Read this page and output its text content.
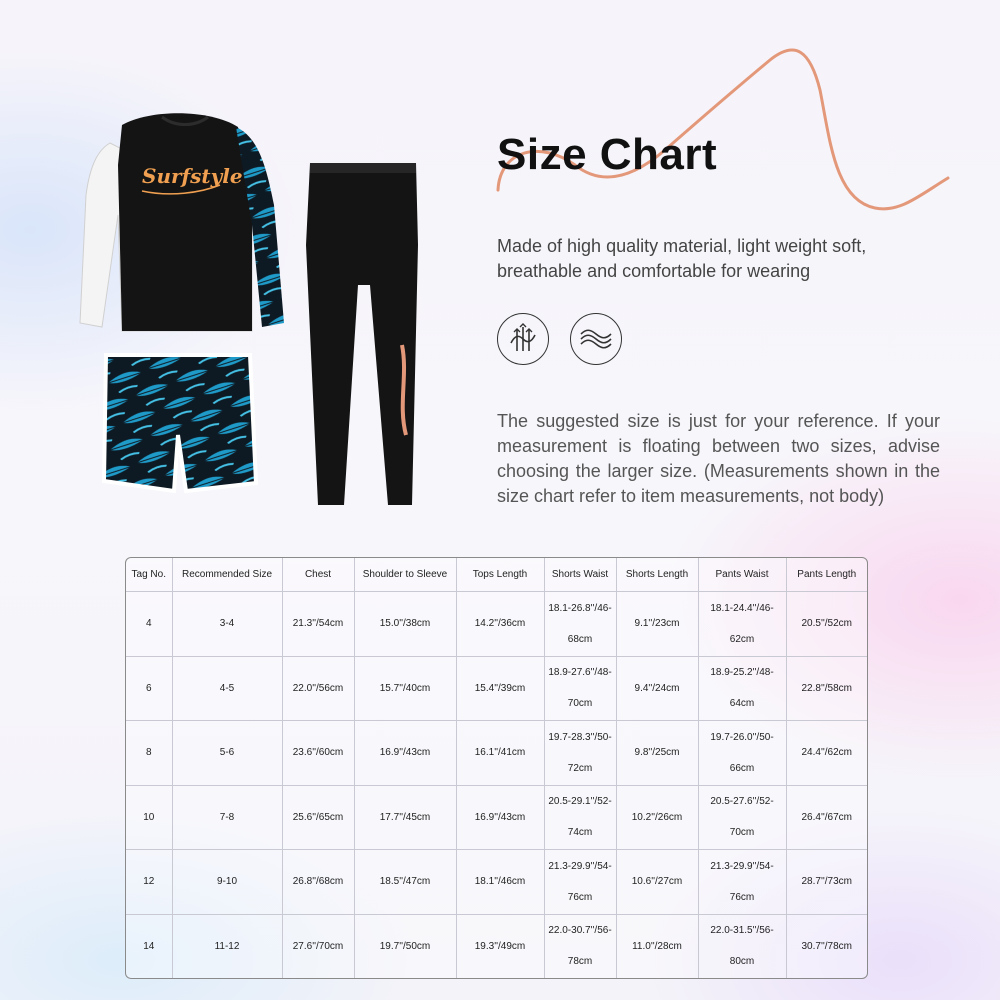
Size Chart
Made of high quality material, light weight soft, breathable and comfortable for wearing
The suggested size is just for your reference. If your measurement is floating between two sizes, advise choosing the larger size. (Measurements shown in the size chart refer to item measurements, not body)
Surfstyle
Tag No.	Recommended Size	Chest	Shoulder to Sleeve	Tops Length	Shorts Waist	Shorts Length	Pants Waist	Pants Length
4	3-4	21.3''/54cm	15.0''/38cm	14.2''/36cm	18.1-26.8''/46-68cm	9.1''/23cm	18.1-24.4''/46-62cm	20.5''/52cm
6	4-5	22.0''/56cm	15.7''/40cm	15.4''/39cm	18.9-27.6''/48-70cm	9.4''/24cm	18.9-25.2''/48-64cm	22.8''/58cm
8	5-6	23.6''/60cm	16.9''/43cm	16.1''/41cm	19.7-28.3''/50-72cm	9.8''/25cm	19.7-26.0''/50-66cm	24.4''/62cm
10	7-8	25.6''/65cm	17.7''/45cm	16.9''/43cm	20.5-29.1''/52-74cm	10.2''/26cm	20.5-27.6''/52-70cm	26.4''/67cm
12	9-10	26.8''/68cm	18.5''/47cm	18.1''/46cm	21.3-29.9''/54-76cm	10.6''/27cm	21.3-29.9''/54-76cm	28.7''/73cm
14	11-12	27.6''/70cm	19.7''/50cm	19.3''/49cm	22.0-30.7''/56-78cm	11.0''/28cm	22.0-31.5''/56-80cm	30.7''/78cm
